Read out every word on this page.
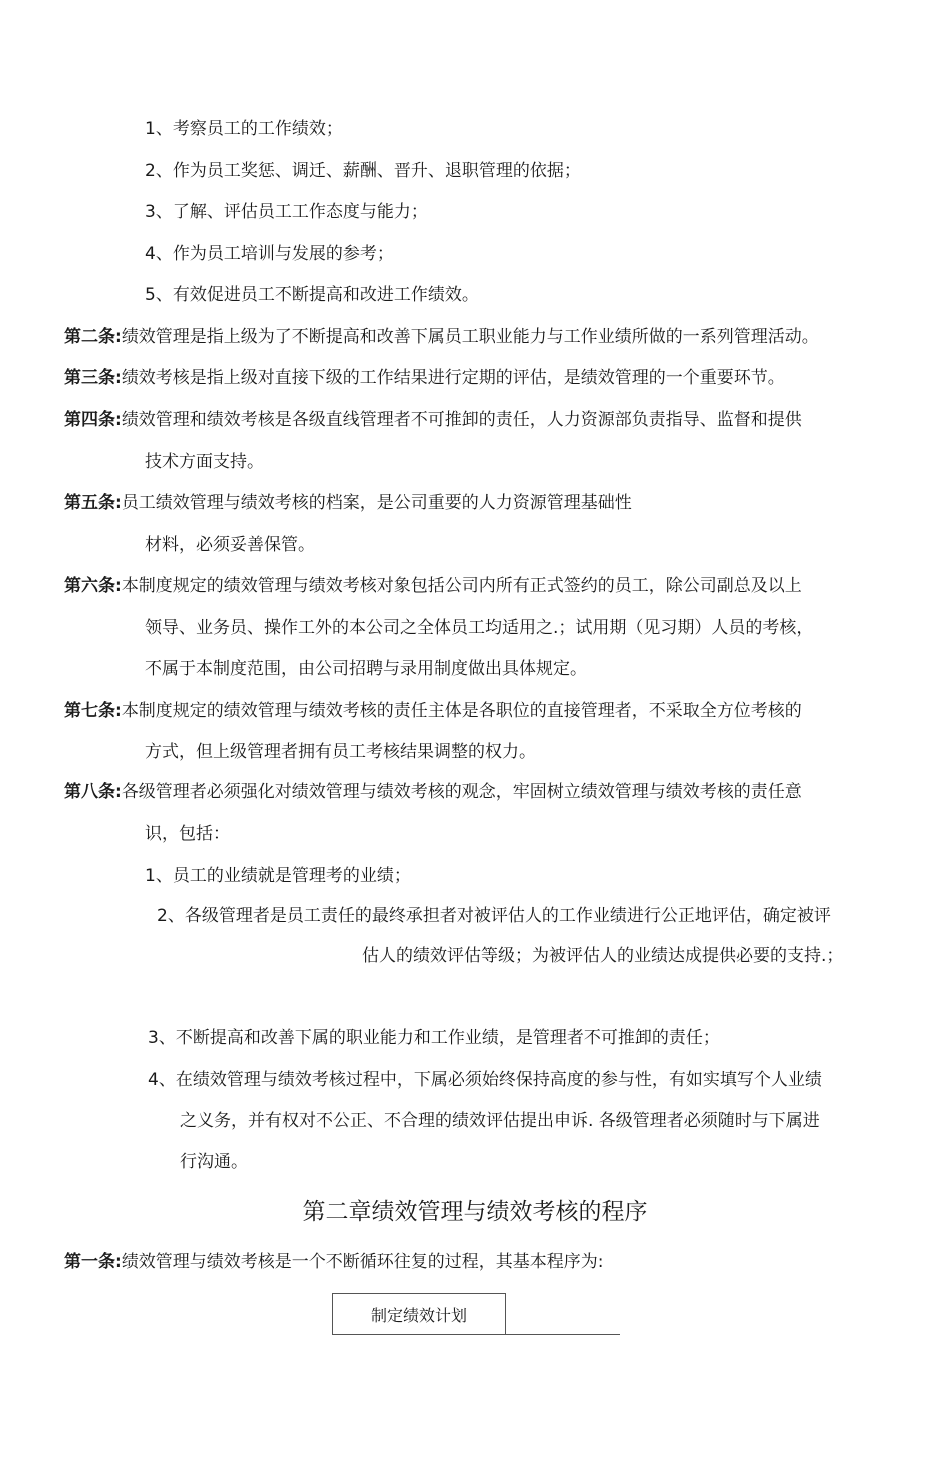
1、考察员工的工作绩效；
2、作为员工奖惩、调迁、薪酬、晋升、退职管理的依据；
3、了解、评估员工工作态度与能力；
4、作为员工培训与发展的参考；
5、有效促进员工不断提高和改进工作绩效。
第二条:绩效管理是指上级为了不断提高和改善下属员工职业能力与工作业绩所做的一系列管理活动。
第三条:绩效考核是指上级对直接下级的工作结果进行定期的评估，是绩效管理的一个重要环节。
第四条:绩效管理和绩效考核是各级直线管理者不可推卸的责任，人力资源部负责指导、监督和提供
技术方面支持。
第五条:员工绩效管理与绩效考核的档案，是公司重要的人力资源管理基础性
材料，必须妥善保管。
第六条:本制度规定的绩效管理与绩效考核对象包括公司内所有正式签约的员工，除公司副总及以上
领导、业务员、操作工外的本公司之全体员工均适用之.；试用期（见习期）人员的考核，
不属于本制度范围，由公司招聘与录用制度做出具体规定。
第七条:本制度规定的绩效管理与绩效考核的责任主体是各职位的直接管理者，不采取全方位考核的
方式，但上级管理者拥有员工考核结果调整的权力。
第八条:各级管理者必须强化对绩效管理与绩效考核的观念，牢固树立绩效管理与绩效考核的责任意
识，包括：
1、员工的业绩就是管理考的业绩；
2、各级管理者是员工责任的最终承担者对被评估人的工作业绩进行公正地评估，确定被评
估人的绩效评估等级；为被评估人的业绩达成提供必要的支持.；
3、不断提高和改善下属的职业能力和工作业绩，是管理者不可推卸的责任；
4、在绩效管理与绩效考核过程中，下属必须始终保持高度的参与性，有如实填写个人业绩
之义务，并有权对不公正、不合理的绩效评估提出申诉. 各级管理者必须随时与下属进
行沟通。
第二章绩效管理与绩效考核的程序
第一条:绩效管理与绩效考核是一个不断循环往复的过程，其基本程序为:
制定绩效计划
